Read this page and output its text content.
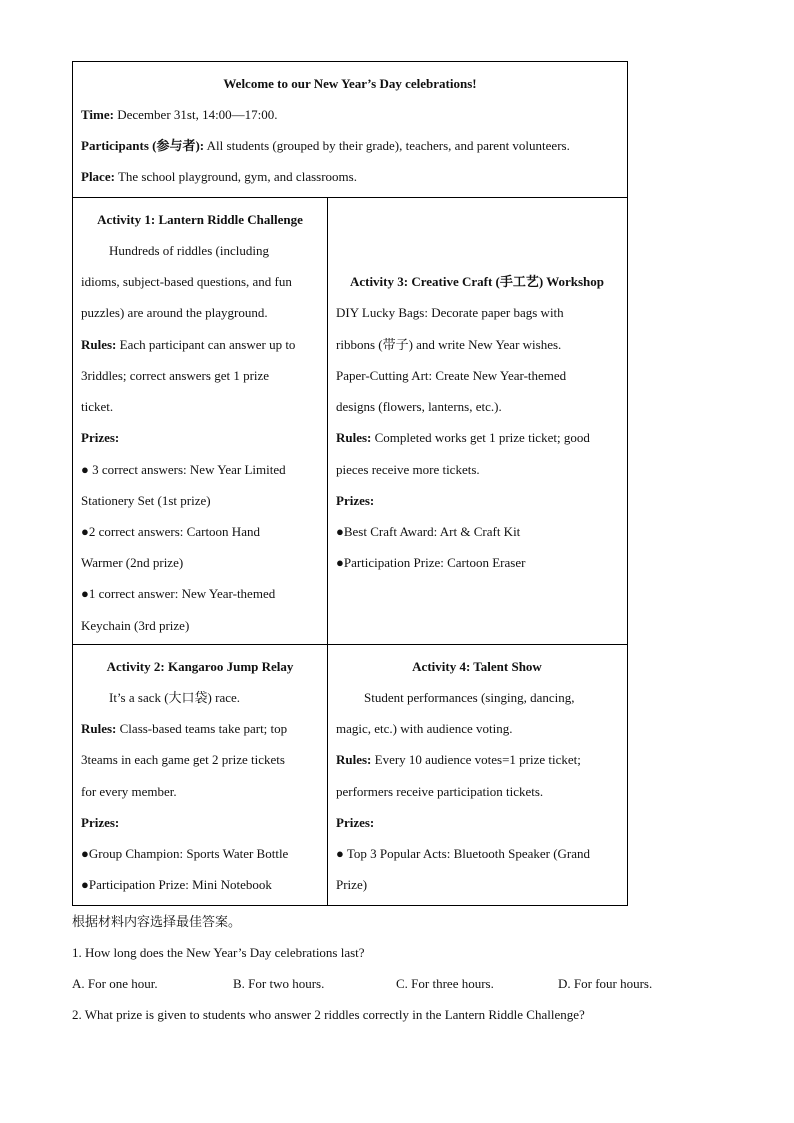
Welcome to our New Year’s Day celebrations!
Time: December 31st, 14:00—17:00.
Participants (参与者): All students (grouped by their grade), teachers, and parent volunteers.
Place: The school playground, gym, and classrooms.
Activity 1: Lantern Riddle Challenge
Hundreds of riddles (including
idioms, subject-based questions, and fun
puzzles) are around the playground.
Rules: Each participant can answer up to
3riddles; correct answers get 1 prize
ticket.
Prizes:
● 3 correct answers: New Year Limited
Stationery Set (1st prize)
●2 correct answers: Cartoon Hand
Warmer (2nd prize)
●1 correct answer: New Year-themed
Keychain (3rd prize)
Activity 3: Creative Craft (手工艺) Workshop
DIY Lucky Bags: Decorate paper bags with
ribbons (带子) and write New Year wishes.
Paper-Cutting Art: Create New Year-themed
designs (flowers, lanterns, etc.).
Rules: Completed works get 1 prize ticket; good
pieces receive more tickets.
Prizes:
●Best Craft Award: Art & Craft Kit
●Participation Prize: Cartoon Eraser
Activity 2: Kangaroo Jump Relay
It’s a sack (大口袋) race.
Rules: Class-based teams take part; top
3teams in each game get 2 prize tickets
for every member.
Prizes:
●Group Champion: Sports Water Bottle
●Participation Prize: Mini Notebook
Activity 4: Talent Show
Student performances (singing, dancing,
magic, etc.) with audience voting.
Rules: Every 10 audience votes=1 prize ticket;
performers receive participation tickets.
Prizes:
● Top 3 Popular Acts: Bluetooth Speaker (Grand
Prize)
根据材料内容选择最佳答案。
1. How long does the New Year’s Day celebrations last?
A. For one hour.	B. For two hours.	C. For three hours.	D. For four hours.
2. What prize is given to students who answer 2 riddles correctly in the Lantern Riddle Challenge?
